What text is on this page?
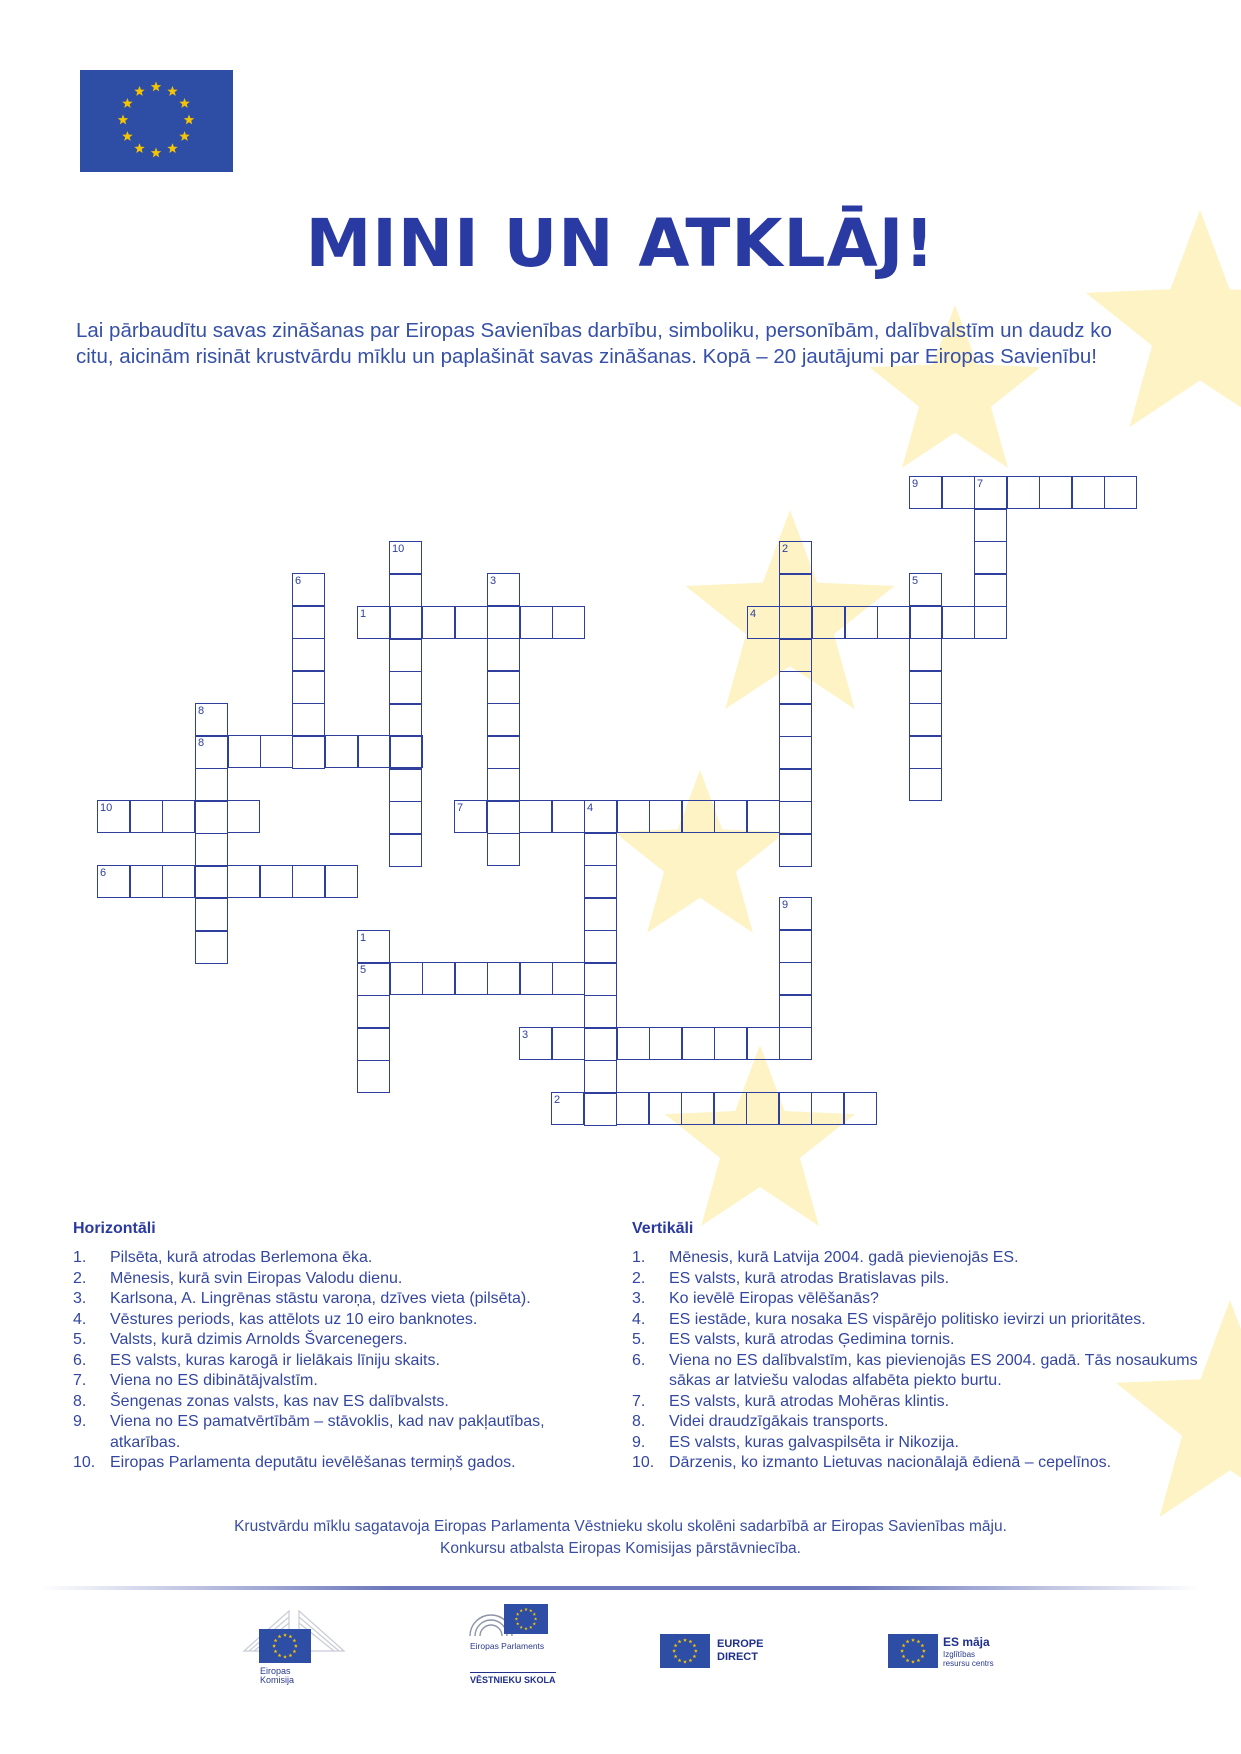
MINI UN ATKLĀJ!
Lai pārbaudītu savas zināšanas par Eiropas Savienības darbību, simboliku, personībām, dalībvalstīm un daudz ko citu, aicinām risināt krustvārdu mīklu un paplašināt savas zināšanas. Kopā – 20 jautājumi par Eiropas Savienību!
9	7
10	2
6	3	5
1	4
8
8
10	7	4
6
9
1
5
3
2
Horizontāli
1.	Pilsēta, kurā atrodas Berlemona ēka.
2.	Mēnesis, kurā svin Eiropas Valodu dienu.
3.	Karlsona, A. Lingrēnas stāstu varoņa, dzīves vieta (pilsēta).
4.	Vēstures periods, kas attēlots uz 10 eiro banknotes.
5.	Valsts, kurā dzimis Arnolds Švarcenegers.
6.	ES valsts, kuras karogā ir lielākais līniju skaits.
7.	Viena no ES dibinātājvalstīm.
8.	Šengenas zonas valsts, kas nav ES dalībvalsts.
9.	Viena no ES pamatvērtībām – stāvoklis, kad nav pakļautības, atkarības.
10. Eiropas Parlamenta deputātu ievēlēšanas termiņš gados.
Vertikāli
1.	Mēnesis, kurā Latvija 2004. gadā pievienojās ES.
2.	ES valsts, kurā atrodas Bratislavas pils.
3.	Ko ievēlē Eiropas vēlēšanās?
4.	ES iestāde, kura nosaka ES vispārējo politisko ievirzi un prioritātes.
5.	ES valsts, kurā atrodas Ģedimina tornis.
6.	Viena no ES dalībvalstīm, kas pievienojās ES 2004. gadā. Tās nosaukums sākas ar latviešu valodas alfabēta piekto burtu.
7.	ES valsts, kurā atrodas Mohēras klintis.
8.	Videi draudzīgākais transports.
9.	ES valsts, kuras galvaspilsēta ir Nikozija.
10. Dārzenis, ko izmanto Lietuvas nacionālajā ēdienā – cepelīnos.
Krustvārdu mīklu sagatavoja Eiropas Parlamenta Vēstnieku skolu skolēni sadarbībā ar Eiropas Savienības māju.
Konkursu atbalsta Eiropas Komisijas pārstāvniecība.
Eiropas
Komisija
Eiropas Parlaments
VĒSTNIEKU SKOLA
EUROPE
DIRECT
ES māja
Izglītības
resursu centrs
